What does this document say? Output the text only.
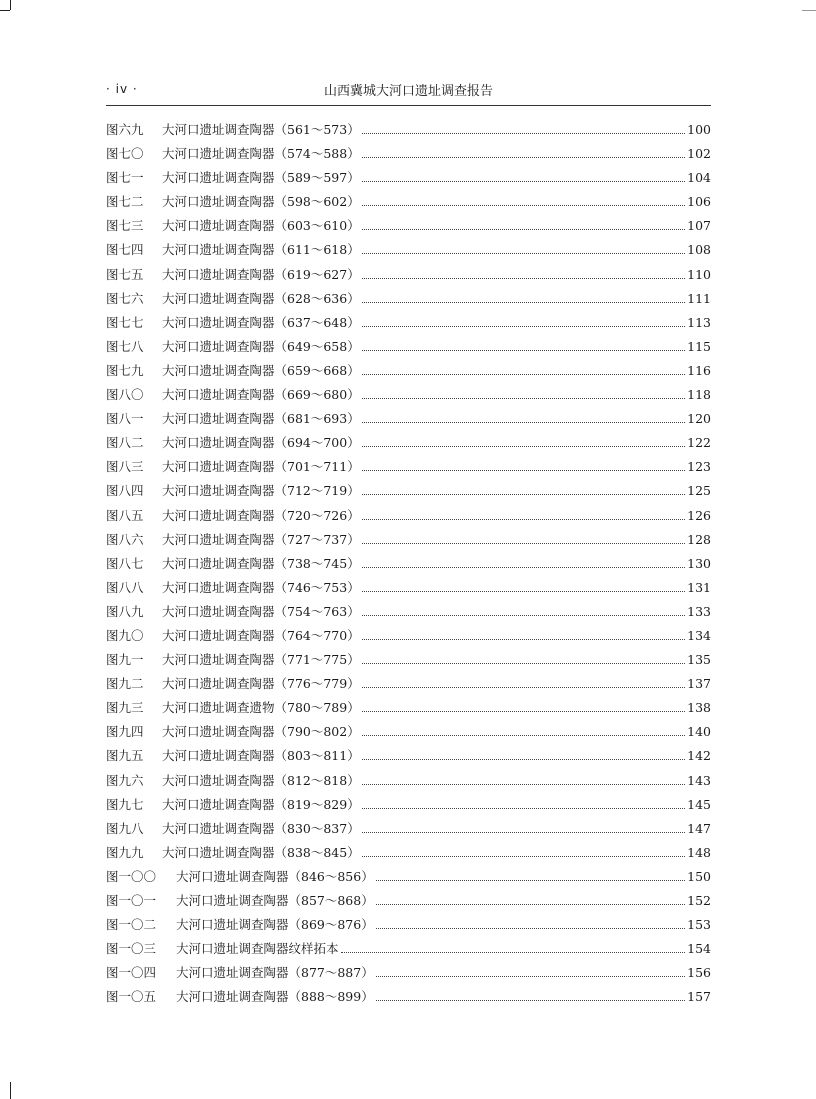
· iv ·	山西冀城大河口遗址调查报告
图六九	大河口遗址调查陶器（561～573）	100
图七〇	大河口遗址调查陶器（574～588）	102
图七一	大河口遗址调查陶器（589～597）	104
图七二	大河口遗址调查陶器（598～602）	106
图七三	大河口遗址调查陶器（603～610）	107
图七四	大河口遗址调查陶器（611～618）	108
图七五	大河口遗址调查陶器（619～627）	110
图七六	大河口遗址调查陶器（628～636）	111
图七七	大河口遗址调查陶器（637～648）	113
图七八	大河口遗址调查陶器（649～658）	115
图七九	大河口遗址调查陶器（659～668）	116
图八〇	大河口遗址调查陶器（669～680）	118
图八一	大河口遗址调查陶器（681～693）	120
图八二	大河口遗址调查陶器（694～700）	122
图八三	大河口遗址调查陶器（701～711）	123
图八四	大河口遗址调查陶器（712～719）	125
图八五	大河口遗址调查陶器（720～726）	126
图八六	大河口遗址调查陶器（727～737）	128
图八七	大河口遗址调查陶器（738～745）	130
图八八	大河口遗址调查陶器（746～753）	131
图八九	大河口遗址调查陶器（754～763）	133
图九〇	大河口遗址调查陶器（764～770）	134
图九一	大河口遗址调查陶器（771～775）	135
图九二	大河口遗址调查陶器（776～779）	137
图九三	大河口遗址调查遗物（780～789）	138
图九四	大河口遗址调查陶器（790～802）	140
图九五	大河口遗址调查陶器（803～811）	142
图九六	大河口遗址调查陶器（812～818）	143
图九七	大河口遗址调查陶器（819～829）	145
图九八	大河口遗址调查陶器（830～837）	147
图九九	大河口遗址调查陶器（838～845）	148
图一〇〇	大河口遗址调查陶器（846～856）	150
图一〇一	大河口遗址调查陶器（857～868）	152
图一〇二	大河口遗址调查陶器（869～876）	153
图一〇三	大河口遗址调查陶器纹样拓本	154
图一〇四	大河口遗址调查陶器（877～887）	156
图一〇五	大河口遗址调查陶器（888～899）	157
